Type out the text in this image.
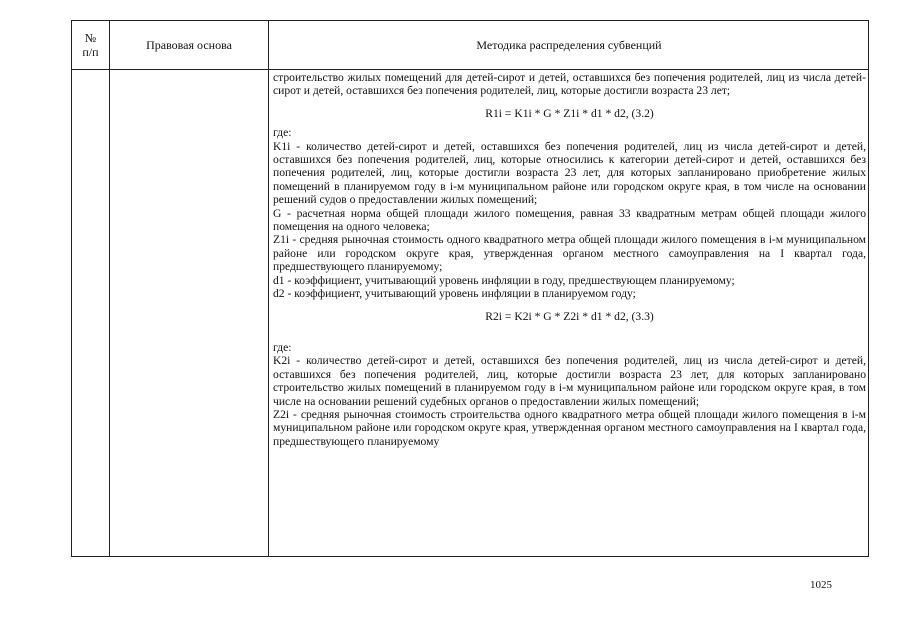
№
п/п	Правовая основа	Методика распределения субвенций

строительство жилых помещений для детей-сирот и детей, оставшихся без попечения родителей, лиц из числа детей-сирот и детей, оставшихся без попечения родителей, лиц, которые достигли возраста 23 лет;

R1i = K1i * G * Z1i * d1 * d2, (3.2)

где:

K1i - количество детей-сирот и детей, оставшихся без попечения родителей, лиц из числа детей-сирот и детей, оставшихся без попечения родителей, лиц, которые относились к категории детей-сирот и детей, оставшихся без попечения родителей, лиц, которые достигли возраста 23 лет, для которых запланировано приобретение жилых помещений в планируемом году в i-м муниципальном районе или городском округе края, в том числе на основании решений судов о предоставлении жилых помещений;

G - расчетная норма общей площади жилого помещения, равная 33 квадратным метрам общей площади жилого помещения на одного человека;

Z1i - средняя рыночная стоимость одного квадратного метра общей площади жилого помещения в i-м муниципальном районе или городском округе края, утвержденная органом местного самоуправления на I квартал года, предшествующего планируемому;

d1 - коэффициент, учитывающий уровень инфляции в году, предшествующем планируемому;

d2 - коэффициент, учитывающий уровень инфляции в планируемом году;

R2i = K2i * G * Z2i * d1 * d2, (3.3)

где:

K2i - количество детей-сирот и детей, оставшихся без попечения родителей, лиц из числа детей-сирот и детей, оставшихся без попечения родителей, лиц, которые достигли возраста 23 лет, для которых запланировано строительство жилых помещений в планируемом году в i-м муниципальном районе или городском округе края, в том числе на основании решений судебных органов о предоставлении жилых помещений;

Z2i - средняя рыночная стоимость строительства одного квадратного метра общей площади жилого помещения в i-м муниципальном районе или городском округе края, утвержденная органом местного самоуправления на I квартал года, предшествующего планируемому

1025
